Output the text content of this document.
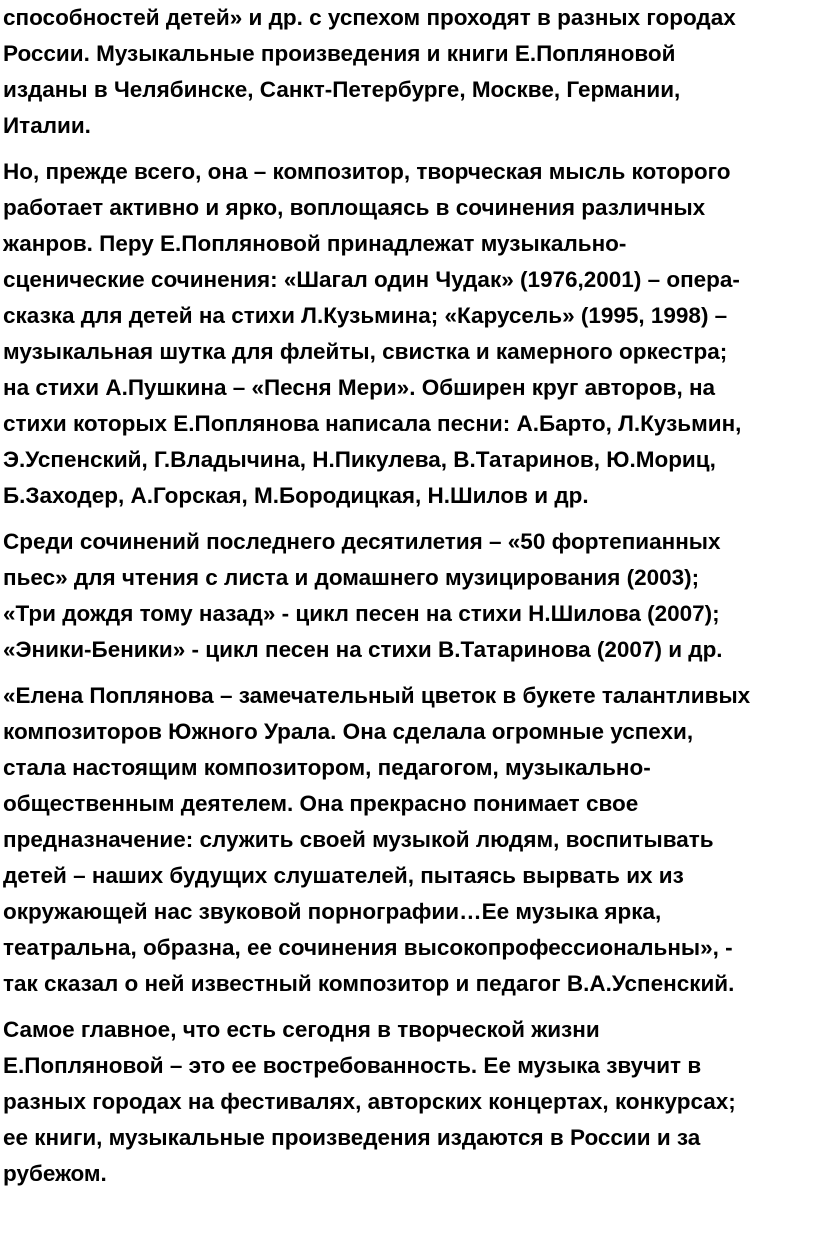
способностей детей» и др. с успехом проходят в разных городах
России. Музыкальные произведения и книги Е.Попляновой
изданы в Челябинске, Санкт-Петербурге, Москве, Германии,
Италии.
Но, прежде всего, она – композитор, творческая мысль которого
работает активно и ярко, воплощаясь в сочинения различных
жанров. Перу Е.Попляновой принадлежат музыкально-
сценические сочинения: «Шагал один Чудак» (1976,2001) – опера-
сказка для детей на стихи Л.Кузьмина; «Карусель» (1995, 1998) –
музыкальная шутка для флейты, свистка и камерного оркестра;
на стихи А.Пушкина – «Песня Мери». Обширен круг авторов, на
стихи которых Е.Поплянова написала песни: А.Барто, Л.Кузьмин,
Э.Успенский, Г.Владычина, Н.Пикулева, В.Татаринов, Ю.Мориц,
Б.Заходер, А.Горская, М.Бородицкая, Н.Шилов и др.
Среди сочинений последнего десятилетия – «50 фортепианных
пьес» для чтения с листа и домашнего музицирования (2003);
«Три дождя тому назад» - цикл песен на стихи Н.Шилова (2007);
«Эники-Беники» - цикл песен на стихи В.Татаринова (2007) и др.
«Елена Поплянова – замечательный цветок в букете талантливых
композиторов Южного Урала. Она сделала огромные успехи,
стала настоящим композитором, педагогом, музыкально-
общественным деятелем. Она прекрасно понимает свое
предназначение: служить своей музыкой людям, воспитывать
детей – наших будущих слушателей, пытаясь вырвать их из
окружающей нас звуковой порнографии…Ее музыка ярка,
театральна, образна, ее сочинения высокопрофессиональны», -
так сказал о ней известный композитор и педагог В.А.Успенский.
Самое главное, что есть сегодня в творческой жизни
Е.Попляновой – это ее востребованность. Ее музыка звучит в
разных городах на фестивалях, авторских концертах, конкурсах;
ее книги, музыкальные произведения издаются в России и за
рубежом.
